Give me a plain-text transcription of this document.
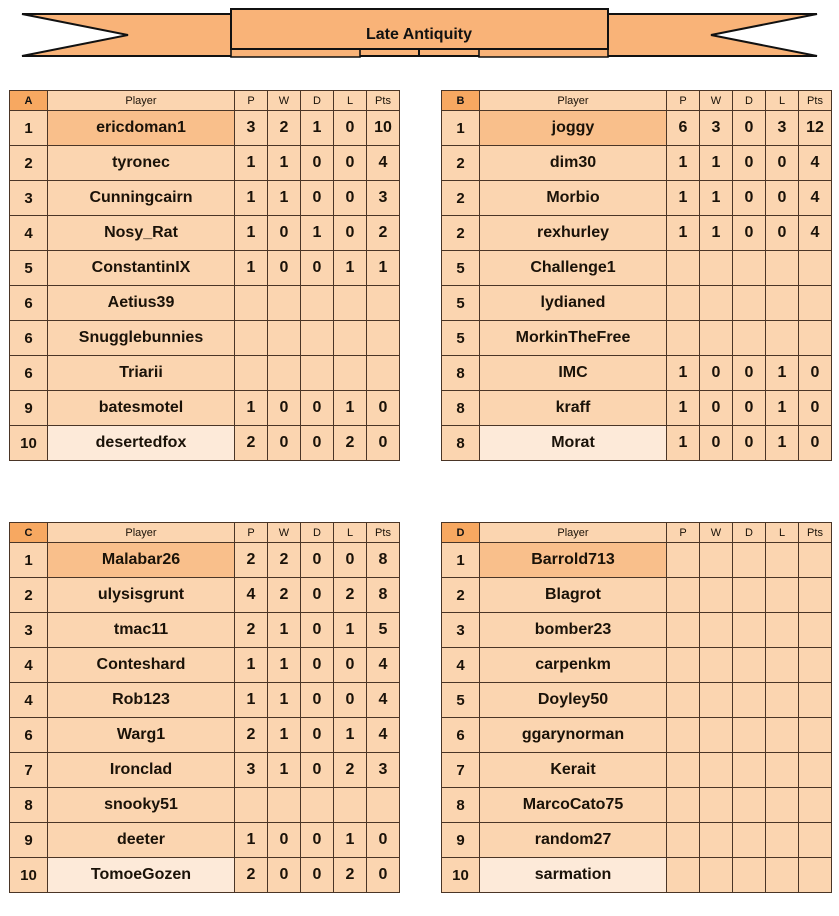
Late Antiquity
A	Player	P	W	D	L	Pts
1	ericdoman1	3	2	1	0	10
2	tyronec	1	1	0	0	4
3	Cunningcairn	1	1	0	0	3
4	Nosy_Rat	1	0	1	0	2
5	ConstantinIX	1	0	0	1	1
6	Aetius39					
6	Snugglebunnies					
6	Triarii					
9	batesmotel	1	0	0	1	0
10	desertedfox	2	0	0	2	0
B	Player	P	W	D	L	Pts
1	joggy	6	3	0	3	12
2	dim30	1	1	0	0	4
2	Morbio	1	1	0	0	4
2	rexhurley	1	1	0	0	4
5	Challenge1					
5	lydianed					
5	MorkinTheFree					
8	IMC	1	0	0	1	0
8	kraff	1	0	0	1	0
8	Morat	1	0	0	1	0
C	Player	P	W	D	L	Pts
1	Malabar26	2	2	0	0	8
2	ulysisgrunt	4	2	0	2	8
3	tmac11	2	1	0	1	5
4	Conteshard	1	1	0	0	4
4	Rob123	1	1	0	0	4
6	Warg1	2	1	0	1	4
7	Ironclad	3	1	0	2	3
8	snooky51					
9	deeter	1	0	0	1	0
10	TomoeGozen	2	0	0	2	0
D	Player	P	W	D	L	Pts
1	Barrold713					
2	Blagrot					
3	bomber23					
4	carpenkm					
5	Doyley50					
6	ggarynorman					
7	Kerait					
8	MarcoCato75					
9	random27					
10	sarmation					
